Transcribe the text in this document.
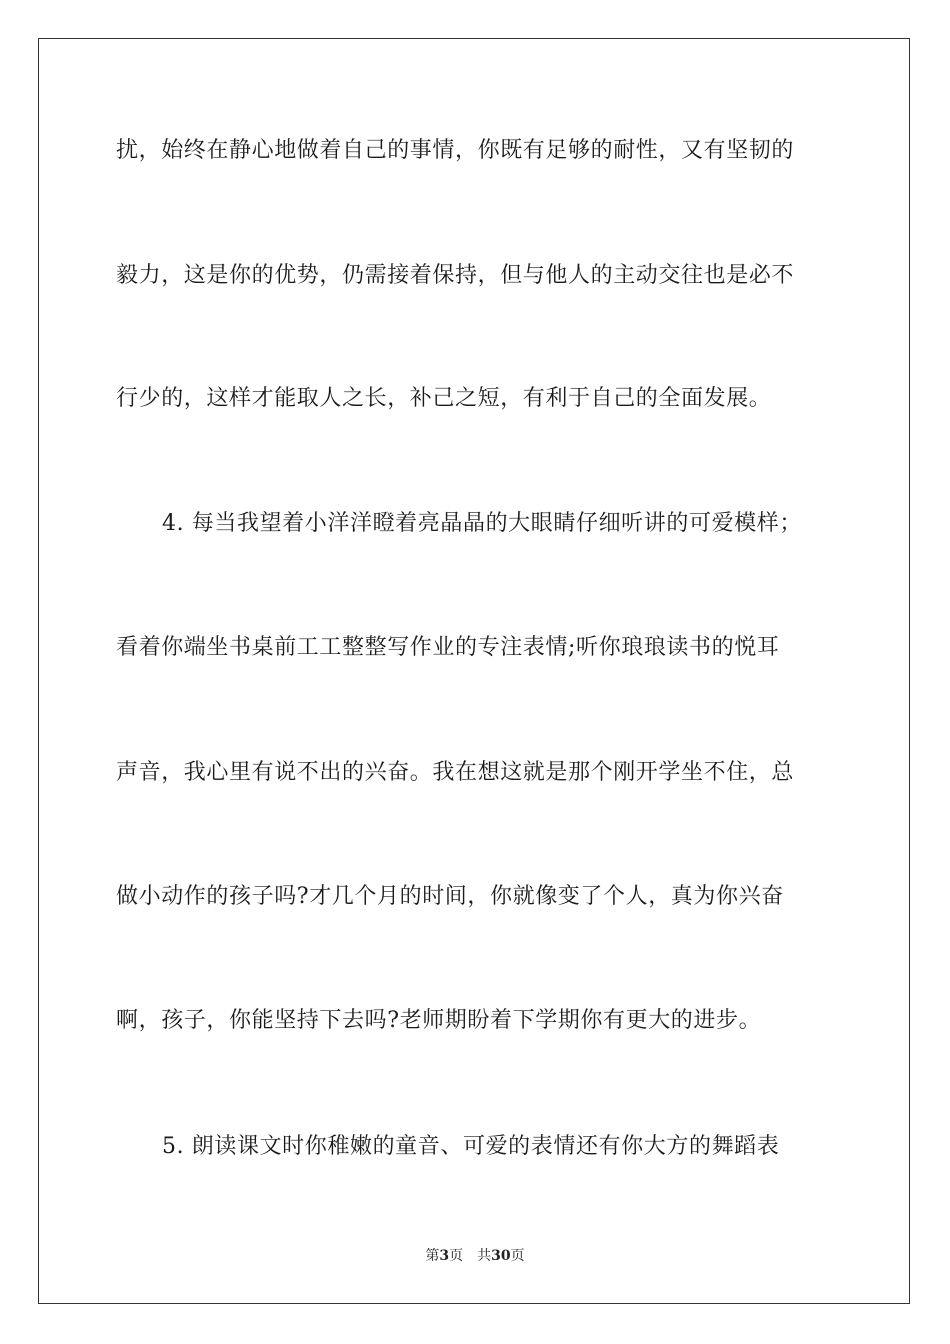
扰，始终在静心地做着自己的事情，你既有足够的耐性，又有坚韧的
毅力，这是你的优势，仍需接着保持，但与他人的主动交往也是必不
行少的，这样才能取人之长，补己之短，有利于自己的全面发展。
4. 每当我望着小洋洋瞪着亮晶晶的大眼睛仔细听讲的可爱模样；
看着你端坐书桌前工工整整写作业的专注表情;听你琅琅读书的悦耳
声音，我心里有说不出的兴奋。我在想这就是那个刚开学坐不住，总
做小动作的孩子吗?才几个月的时间，你就像变了个人，真为你兴奋
啊，孩子，你能坚持下去吗?老师期盼着下学期你有更大的进步。
5. 朗读课文时你稚嫩的童音、可爱的表情还有你大方的舞蹈表
第3页 共30页
